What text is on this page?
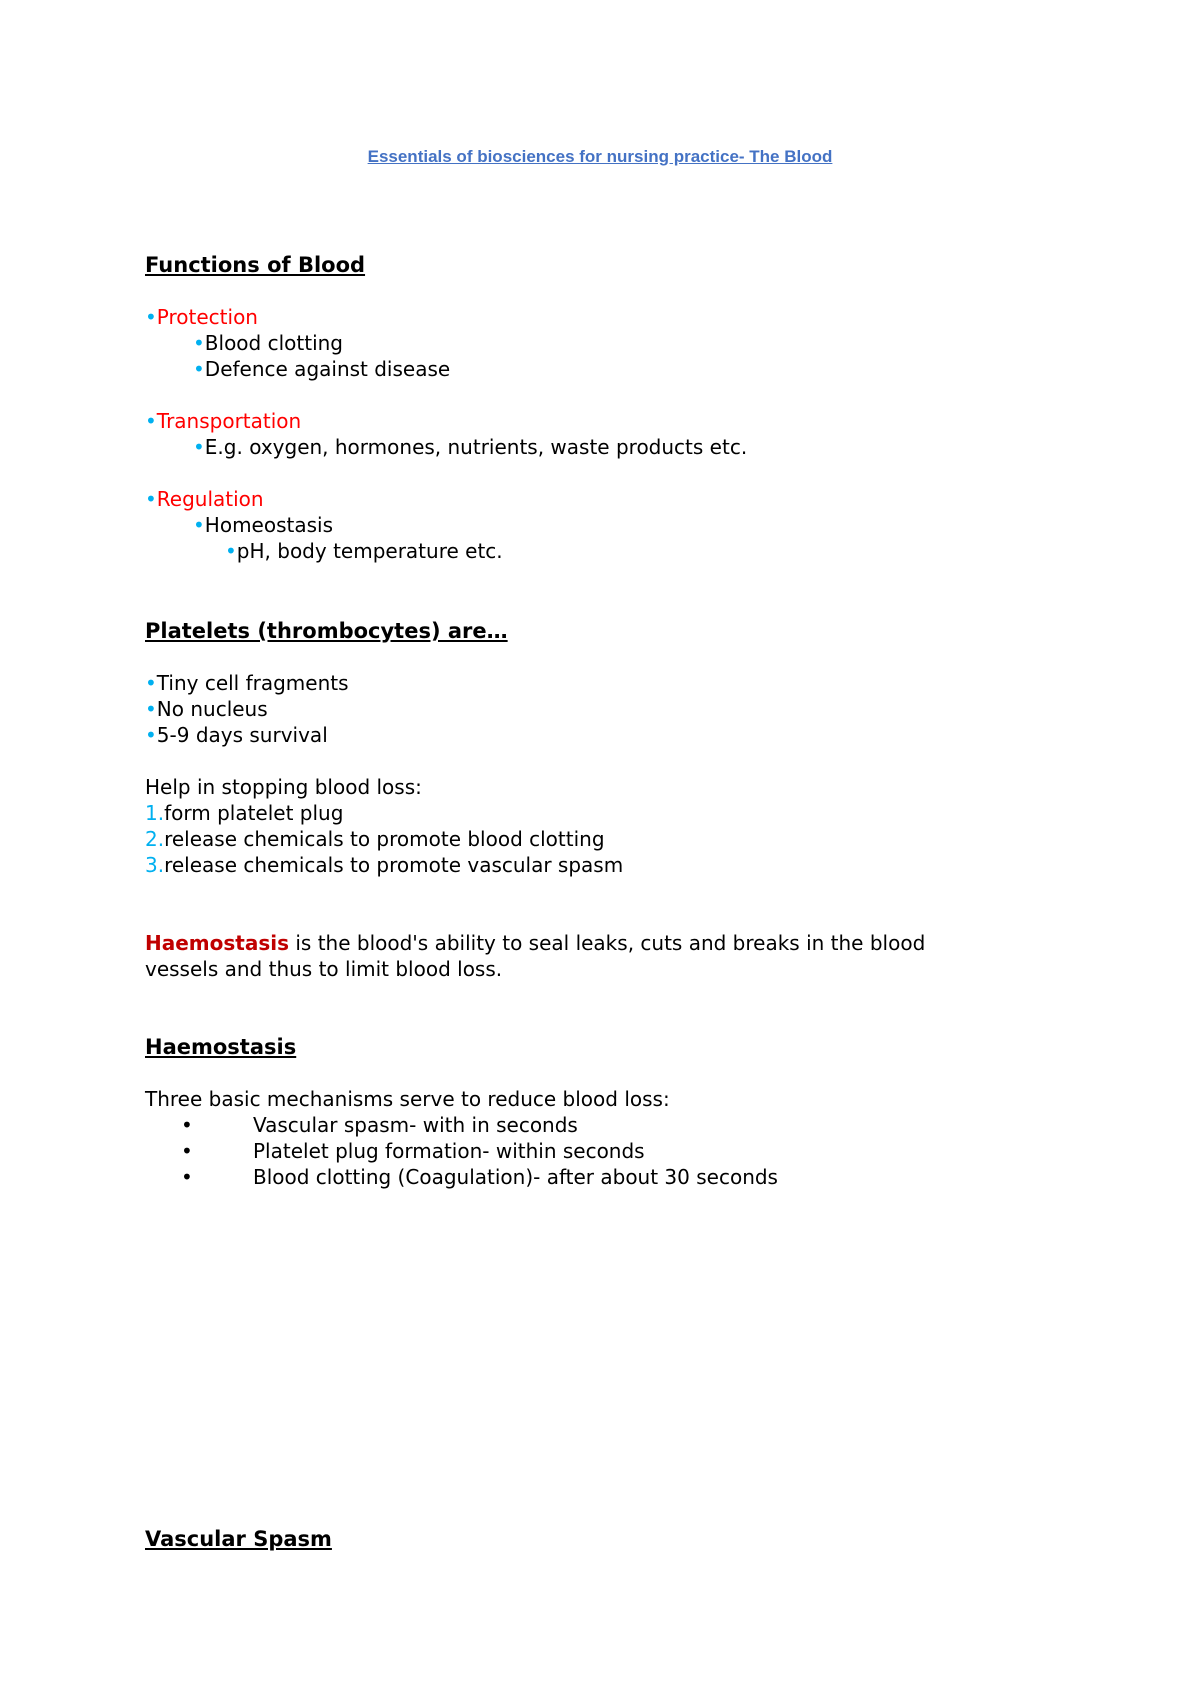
Essentials of biosciences for nursing practice- The Blood
Functions of Blood
•Protection
•Blood clotting
•Defence against disease
•Transportation
•E.g. oxygen, hormones, nutrients, waste products etc.
•Regulation
•Homeostasis
•pH, body temperature etc.
Platelets (thrombocytes) are…
•Tiny cell fragments
•No nucleus
•5-9 days survival
Help in stopping blood loss:
1.form platelet plug
2.release chemicals to promote blood clotting
3.release chemicals to promote vascular spasm
Haemostasis is the blood's ability to seal leaks, cuts and breaks in the blood
vessels and thus to limit blood loss.
Haemostasis
Three basic mechanisms serve to reduce blood loss:
•	Vascular spasm- with in seconds
•	Platelet plug formation- within seconds
•	Blood clotting (Coagulation)- after about 30 seconds
Vascular Spasm
